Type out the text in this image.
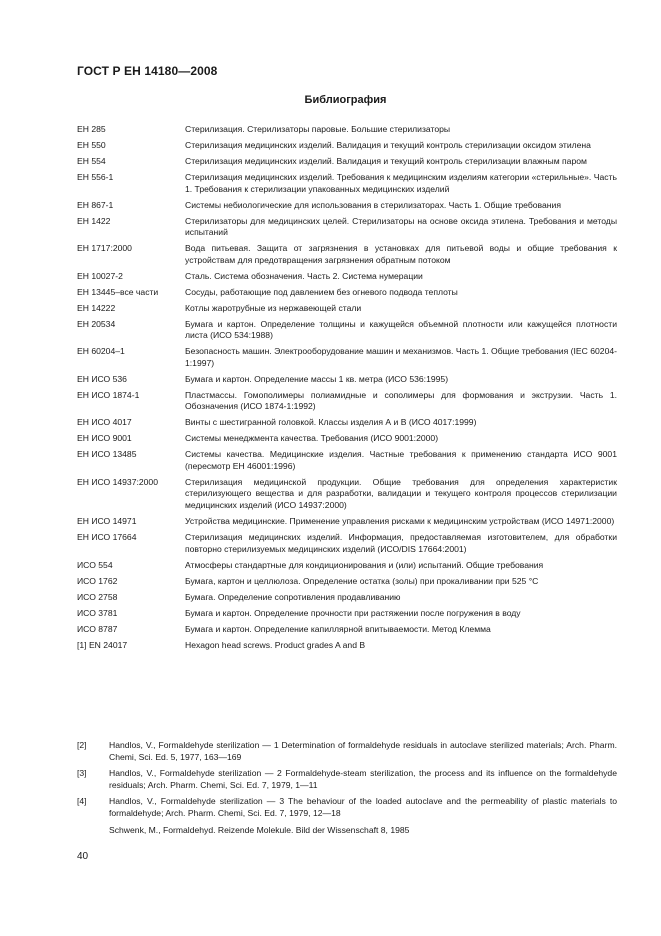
ГОСТ Р ЕН 14180—2008
Библиография
ЕН 285	Стерилизация. Стерилизаторы паровые. Большие стерилизаторы
ЕН 550	Стерилизация медицинских изделий. Валидация и текущий контроль стерилизации оксидом этилена
ЕН 554	Стерилизация медицинских изделий. Валидация и текущий контроль стерилизации влажным паром
ЕН 556-1	Стерилизация медицинских изделий. Требования к медицинским изделиям категории «стерильные». Часть 1. Требования к стерилизации упакованных медицинских изделий
ЕН 867-1	Системы небиологические для использования в стерилизаторах. Часть 1. Общие требования
ЕН 1422	Стерилизаторы для медицинских целей. Стерилизаторы на основе оксида этилена. Требования и методы испытаний
ЕН 1717:2000	Вода питьевая. Защита от загрязнения в установках для питьевой воды и общие требования к устройствам для предотвращения загрязнения обратным потоком
ЕН 10027-2	Сталь. Система обозначения. Часть 2. Система нумерации
ЕН 13445–все части	Сосуды, работающие под давлением без огневого подвода теплоты
ЕН 14222	Котлы жаротрубные из нержавеющей стали
ЕН 20534	Бумага и картон. Определение толщины и кажущейся объемной плотности или кажущейся плотности листа (ИСО 534:1988)
ЕН 60204–1	Безопасность машин. Электрооборудование машин и механизмов. Часть 1. Общие требования (IEC 60204-1:1997)
ЕН ИСО 536	Бумага и картон. Определение массы 1 кв. метра (ИСО 536:1995)
ЕН ИСО 1874-1	Пластмассы. Гомополимеры полиамидные и сополимеры для формования и экструзии. Часть 1. Обозначения (ИСО 1874-1:1992)
ЕН ИСО 4017	Винты с шестигранной головкой. Классы изделия А и В (ИСО 4017:1999)
ЕН ИСО 9001	Системы менеджмента качества. Требования (ИСО 9001:2000)
ЕН ИСО 13485	Системы качества. Медицинские изделия. Частные требования к применению стандарта ИСО 9001 (пересмотр ЕН 46001:1996)
ЕН ИСО 14937:2000	Стерилизация медицинской продукции. Общие требования для определения характеристик стерилизующего вещества и для разработки, валидации и текущего контроля процессов стерилизации медицинских изделий (ИСО 14937:2000)
ЕН ИСО 14971	Устройства медицинские. Применение управления рисками к медицинским устройствам (ИСО 14971:2000)
ЕН ИСО 17664	Стерилизация медицинских изделий. Информация, предоставляемая изготовителем, для обработки повторно стерилизуемых медицинских изделий (ИСО/DIS 17664:2001)
ИСО 554	Атмосферы стандартные для кондиционирования и (или) испытаний. Общие требования
ИСО 1762	Бумага, картон и целлюлоза. Определение остатка (золы) при прокаливании при 525 °С
ИСО 2758	Бумага. Определение сопротивления продавливанию
ИСО 3781	Бумага и картон. Определение прочности при растяжении после погружения в воду
ИСО 8787	Бумага и картон. Определение капиллярной впитываемости. Метод Клемма
[1] EN 24017	Hexagon head screws. Product grades A and B
[2]	Handlos, V., Formaldehyde sterilization — 1 Determination of formaldehyde residuals in autoclave sterilized materials; Arch. Pharm. Chemi, Sci. Ed. 5, 1977, 163—169
[3]	Handlos, V., Formaldehyde sterilization — 2 Formaldehyde-steam sterilization, the process and its influence on the formaldehyde residuals; Arch. Pharm. Chemi, Sci. Ed. 7, 1979, 1—11
[4]	Handlos, V., Formaldehyde sterilization — 3 The behaviour of the loaded autoclave and the permeability of plastic materials to formaldehyde; Arch. Pharm. Chemi, Sci. Ed. 7, 1979, 12—18
Schwenk, M., Formaldehyd. Reizende Molekule. Bild der Wissenschaft 8, 1985
40
